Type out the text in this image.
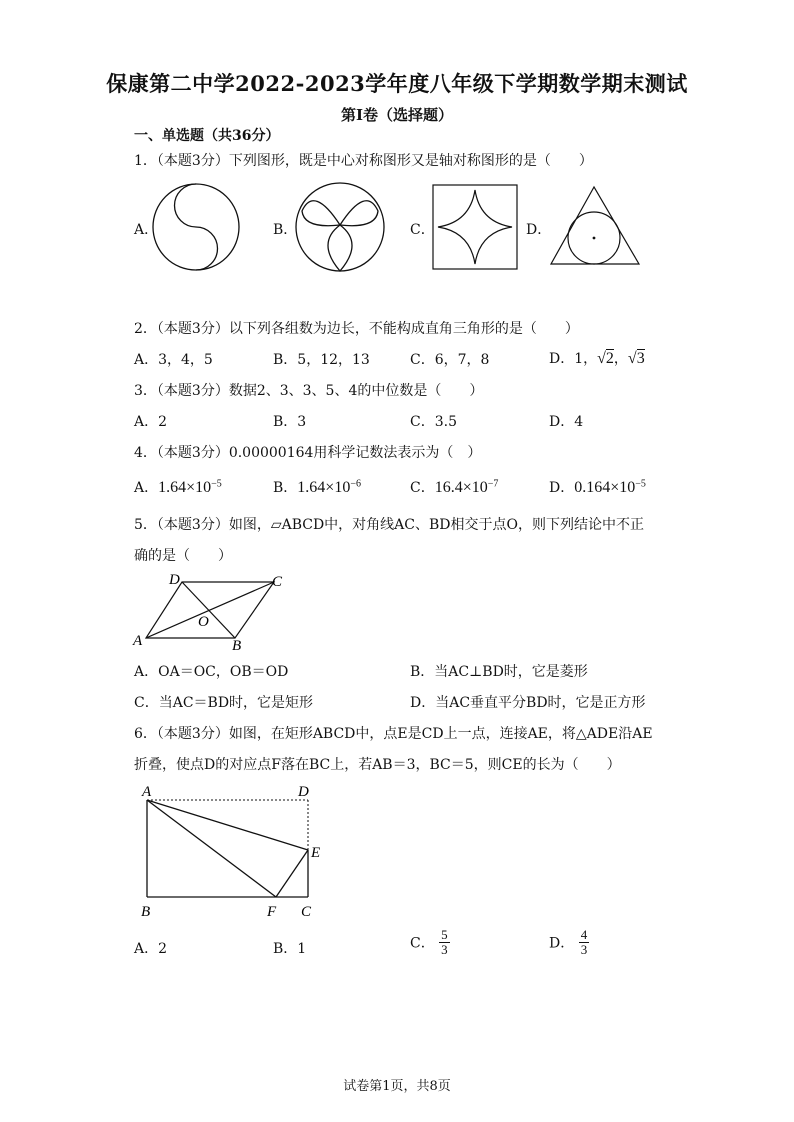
保康第二中学2022-2023学年度八年级下学期数学期末测试
第I卷（选择题）
一、单选题（共36分）
1．（本题3分）下列图形，既是中心对称图形又是轴对称图形的是（　　）
A．	B．	C．	D．
2．（本题3分）以下列各组数为边长，不能构成直角三角形的是（　　）
A．3，4，5	B．5，12，13	C．6，7，8	D．1，√2，√3
3．（本题3分）数据2、3、3、5、4的中位数是（　　）
A．2	B．3	C．3.5	D．4
4．（本题3分）0.00000164用科学记数法表示为（　）
A．$1.64\times 10^{-5}$	B．$1.64\times 10^{-6}$	C．$16.4\times 10^{-7}$	D．$0.164\times 10^{-5}$
5．（本题3分）如图，▱ABCD中，对角线AC、BD相交于点O，则下列结论中不正
确的是（　　）
A	B
C
D
O
A．OA＝OC，OB＝OD	B．当AC⊥BD时，它是菱形
C．当AC＝BD时，它是矩形	D．当AC垂直平分BD时，它是正方形
6．（本题3分）如图，在矩形ABCD中，点E是CD上一点，连接AE，将△ADE沿AE
折叠，使点D的对应点F落在BC上，若AB＝3，BC＝5，则CE的长为（　　）
A	D
E
B	F C
A．2	B．1	C． $\frac{5}{3}$	D． $\frac{4}{3}$
试卷第1页，共8页
